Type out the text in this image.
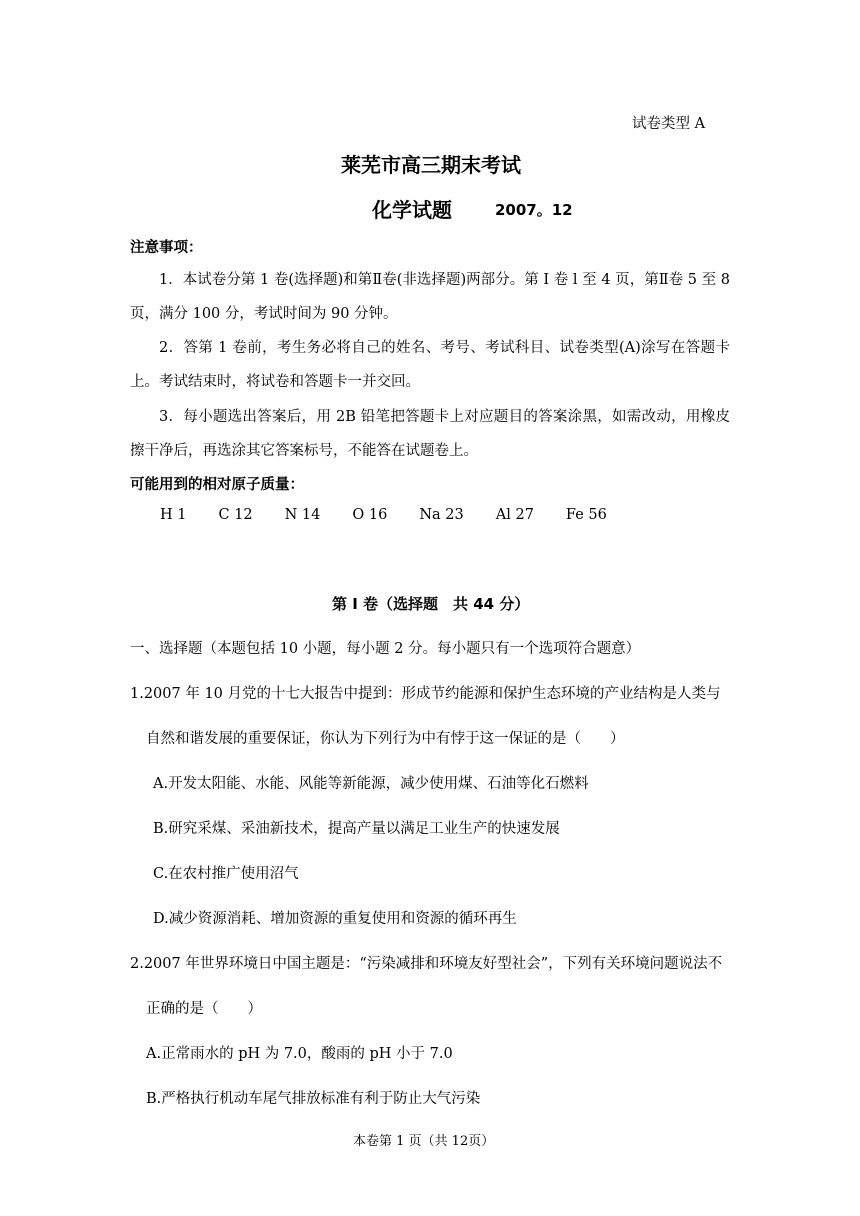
试卷类型 A
莱芜市高三期末考试
化学试题	2007。12
注意事项：
1．本试卷分第 1 卷(选择题)和第Ⅱ卷(非选择题)两部分。第 I 卷 l 至 4 页，第Ⅱ卷 5 至 8 页，满分 100 分，考试时间为 90 分钟。
2．答第 1 卷前，考生务必将自己的姓名、考号、考试科目、试卷类型(A)涂写在答题卡上。考试结束时，将试卷和答题卡一并交回。
3．每小题选出答案后，用 2B 铅笔把答题卡上对应题目的答案涂黑，如需改动，用橡皮擦干净后，再选涂其它答案标号，不能答在试题卷上。
可能用到的相对原子质量：
H 1 C 12 N 14 O 16 Na 23 Al 27 Fe 56
第 I 卷（选择题　共 44 分）
一、选择题（本题包括 10 小题，每小题 2 分。每小题只有一个选项符合题意）
1.2007 年 10 月党的十七大报告中提到：形成节约能源和保护生态环境的产业结构是人类与
自然和谐发展的重要保证，你认为下列行为中有悖于这一保证的是（　　）
A.开发太阳能、水能、风能等新能源，减少使用煤、石油等化石燃料
B.研究采煤、采油新技术，提高产量以满足工业生产的快速发展
C.在农村推广使用沼气
D.减少资源消耗、增加资源的重复使用和资源的循环再生
2.2007 年世界环境日中国主题是：“污染减排和环境友好型社会”，下列有关环境问题说法不
正确的是（　　）
A.正常雨水的 pH 为 7.0，酸雨的 pH 小于 7.0
B.严格执行机动车尾气排放标准有利于防止大气污染
本卷第 1 页（共 12页）
